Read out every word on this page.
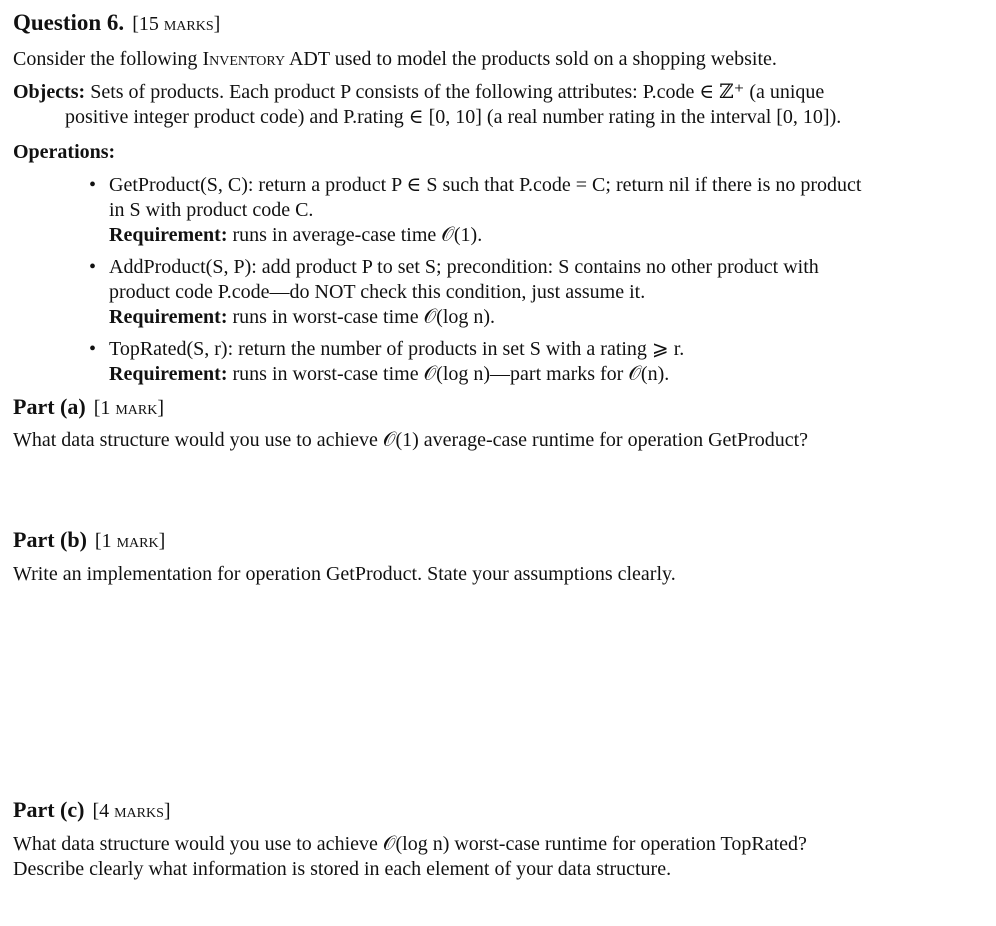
Question 6. [15 marks]
Consider the following Inventory ADT used to model the products sold on a shopping website.
Objects: Sets of products. Each product P consists of the following attributes: P.code ∈ ℤ⁺ (a unique
positive integer product code) and P.rating ∈ [0, 10] (a real number rating in the interval [0, 10]).
Operations:
• GetProduct(S, C): return a product P ∈ S such that P.code = C; return nil if there is no product
in S with product code C.
Requirement: runs in average-case time 𝒪(1).
• AddProduct(S, P): add product P to set S; precondition: S contains no other product with
product code P.code—do NOT check this condition, just assume it.
Requirement: runs in worst-case time 𝒪(log n).
• TopRated(S, r): return the number of products in set S with a rating ⩾ r.
Requirement: runs in worst-case time 𝒪(log n)—part marks for 𝒪(n).
Part (a) [1 mark]
What data structure would you use to achieve 𝒪(1) average-case runtime for operation GetProduct?
Part (b) [1 mark]
Write an implementation for operation GetProduct. State your assumptions clearly.
Part (c) [4 marks]
What data structure would you use to achieve 𝒪(log n) worst-case runtime for operation TopRated?
Describe clearly what information is stored in each element of your data structure.
